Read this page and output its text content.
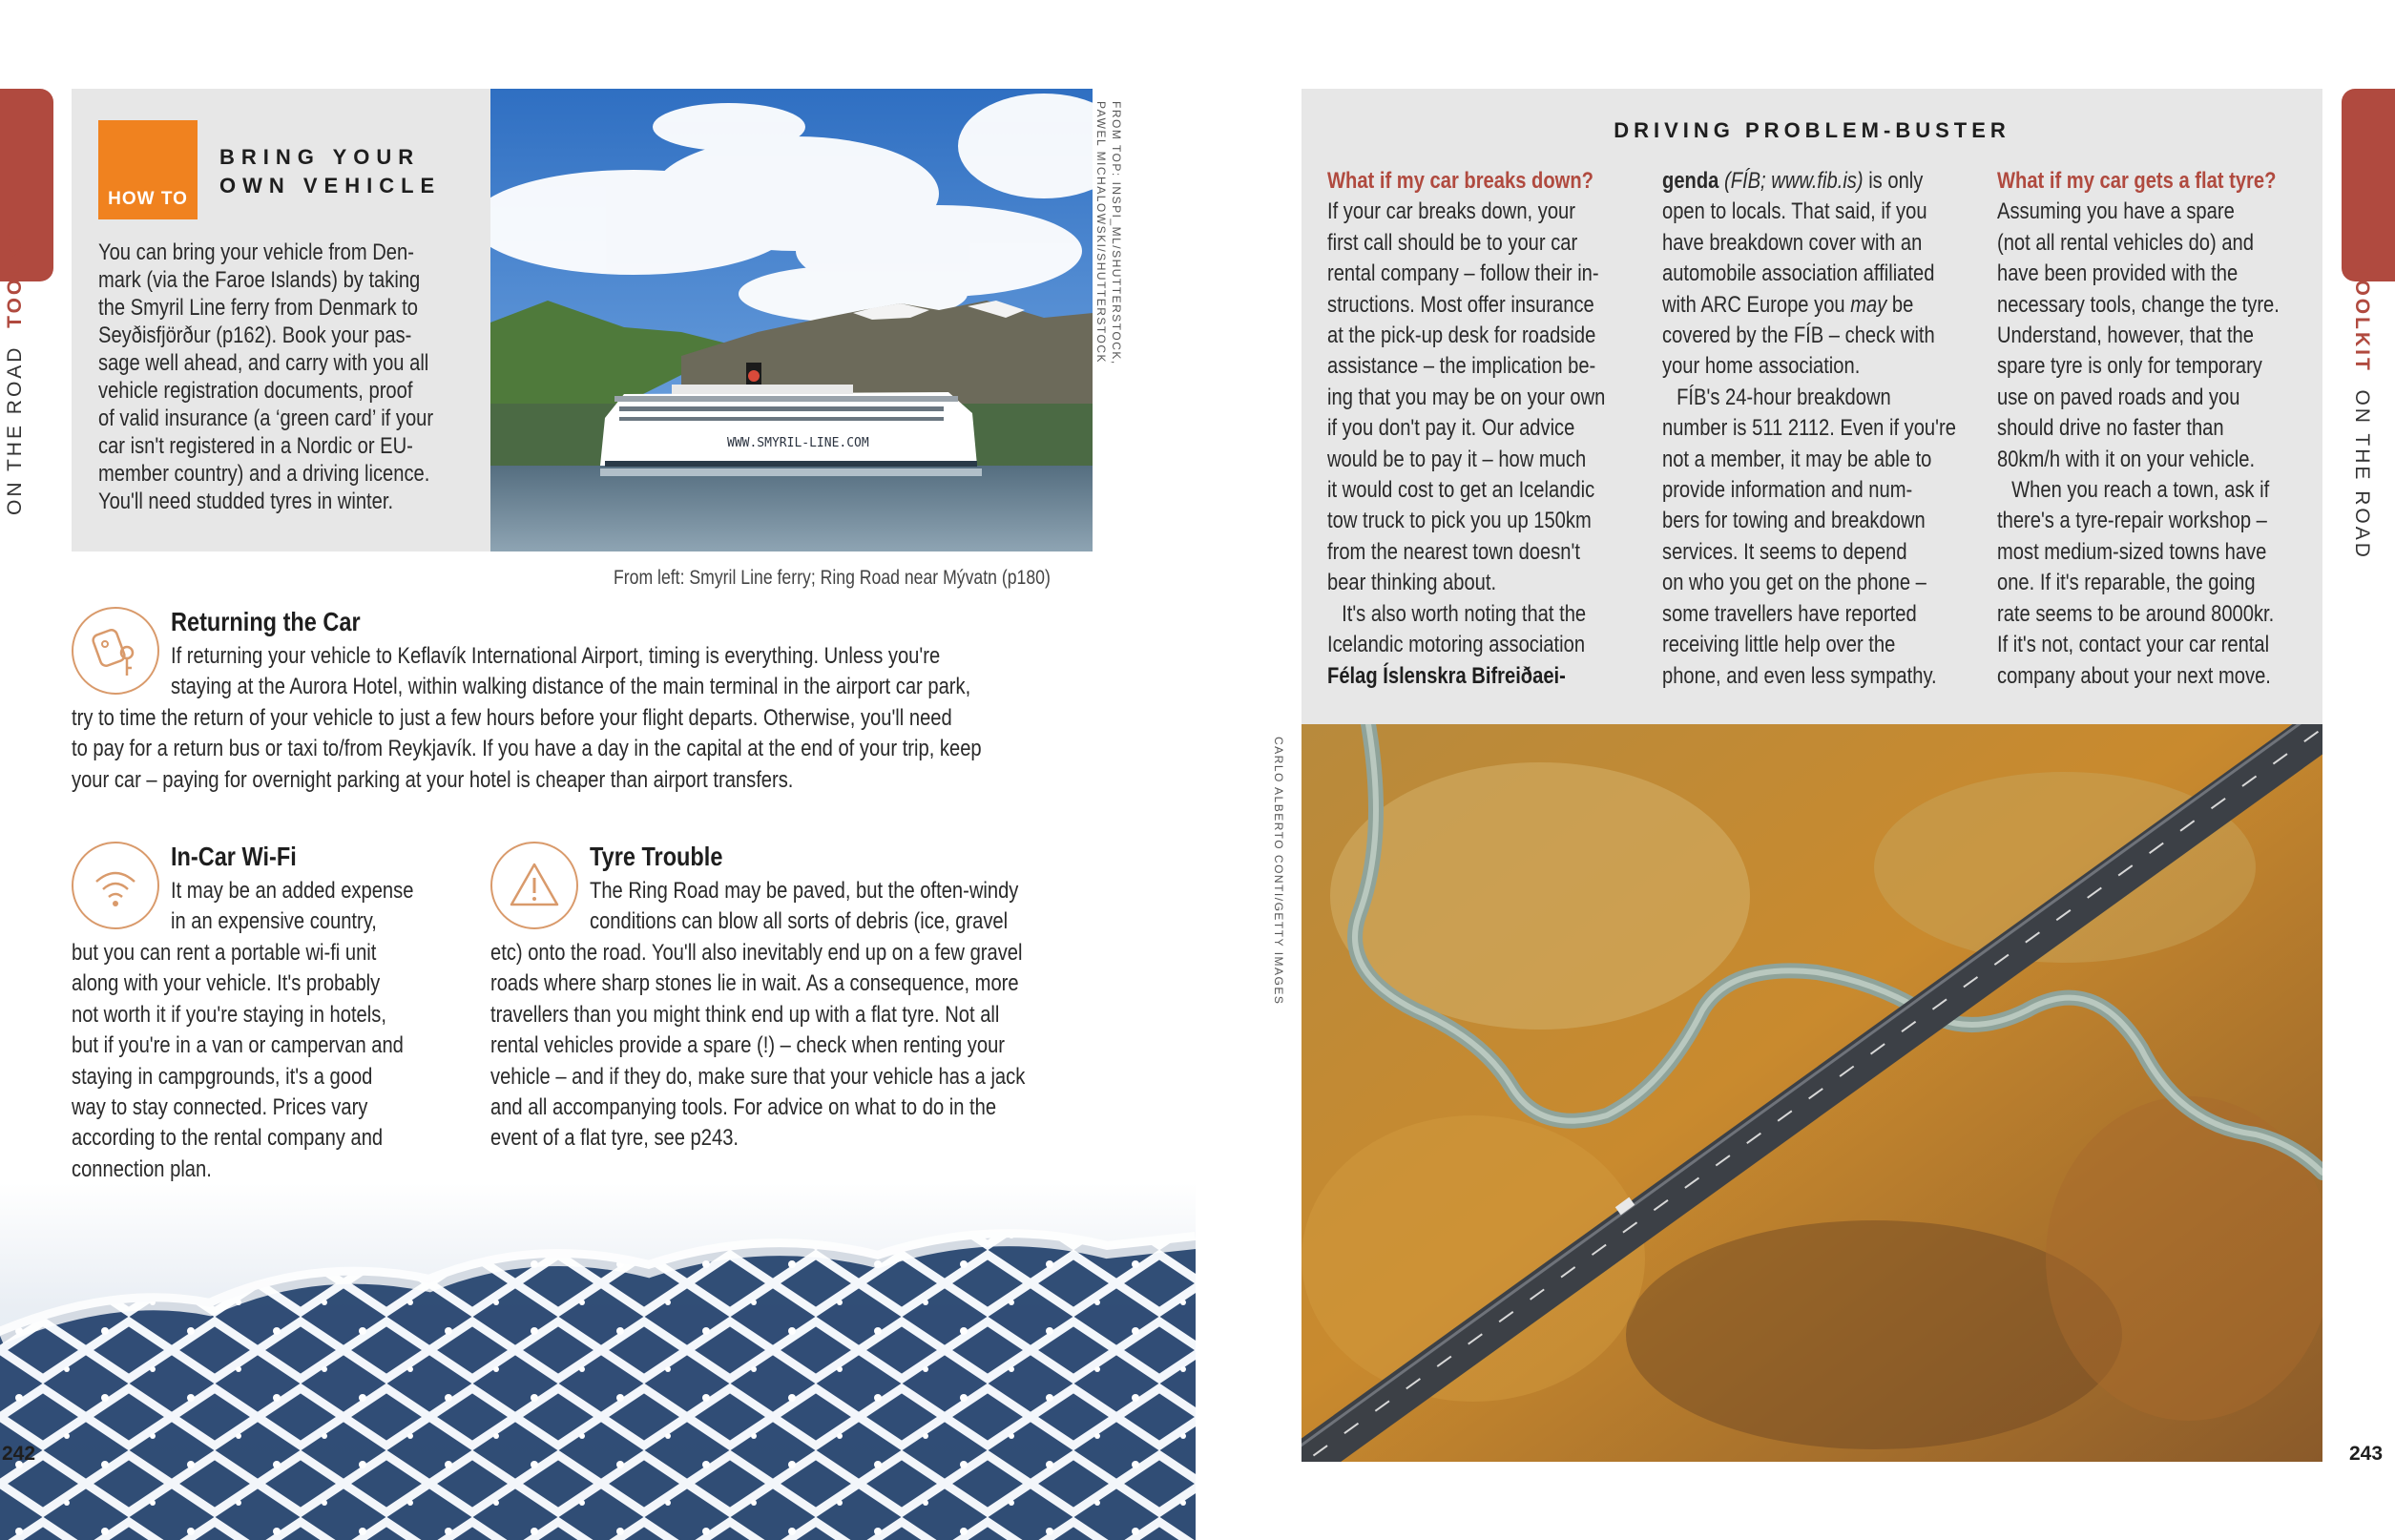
ON THE ROAD  TOOLKIT
HOW TO
BRING YOUR
OWN VEHICLE
You can bring your vehicle from Den-
mark (via the Faroe Islands) by taking
the Smyril Line ferry from Denmark to
Seyðisfjörður (p162). Book your pas-
sage well ahead, and carry with you all
vehicle registration documents, proof
of valid insurance (a ‘green card’ if your
car isn't registered in a Nordic or EU-
member country) and a driving licence.
You'll need studded tyres in winter.
WWW.SMYRIL-LINE.COM
FROM TOP: INSPI_ML/SHUTTERSTOCK,
PAWEL MICHALOWSKI/SHUTTERSTOCK
From left: Smyril Line ferry; Ring Road near Mývatn (p180)
Returning the Car

If returning your vehicle to Keflavík International Airport, timing is everything. Unless you're

staying at the Aurora Hotel, within walking distance of the main terminal in the airport car park,

try to time the return of your vehicle to just a few hours before your flight departs. Otherwise, you'll need

to pay for a return bus or taxi to/from Reykjavík. If you have a day in the capital at the end of your trip, keep

your car – paying for overnight parking at your hotel is cheaper than airport transfers.

In-Car Wi-Fi

It may be an added expense

in an expensive country,

but you can rent a portable wi-fi unit

along with your vehicle. It's probably

not worth it if you're staying in hotels,

but if you're in a van or campervan and

staying in campgrounds, it's a good

way to stay connected. Prices vary

according to the rental company and

connection plan.

Tyre Trouble

The Ring Road may be paved, but the often-windy

conditions can blow all sorts of debris (ice, gravel

etc) onto the road. You'll also inevitably end up on a few gravel

roads where sharp stones lie in wait. As a consequence, more

travellers than you might think end up with a flat tyre. Not all

rental vehicles provide a spare (!) – check when renting your

vehicle – and if they do, make sure that your vehicle has a jack

and all accompanying tools. For advice on what to do in the

event of a flat tyre, see p243.

242
DRIVING PROBLEM-BUSTER
What if my car breaks down?
If your car breaks down, your
first call should be to your car
rental company – follow their in-
structions. Most offer insurance
at the pick-up desk for roadside
assistance – the implication be-
ing that you may be on your own
if you don't pay it. Our advice
would be to pay it – how much
it would cost to get an Icelandic
tow truck to pick you up 150km
from the nearest town doesn't
bear thinking about.
It's also worth noting that the
Icelandic motoring association
Félag Íslenskra Bifreiðaei-
genda (FÍB; www.fib.is) is only
open to locals. That said, if you
have breakdown cover with an
automobile association affiliated
with ARC Europe you may be
covered by the FÍB – check with
your home association.
FÍB's 24-hour breakdown
number is 511 2112. Even if you're
not a member, it may be able to
provide information and num-
bers for towing and breakdown
services. It seems to depend
on who you get on the phone –
some travellers have reported
receiving little help over the
phone, and even less sympathy.
What if my car gets a flat tyre?
Assuming you have a spare
(not all rental vehicles do) and
have been provided with the
necessary tools, change the tyre.
Understand, however, that the
spare tyre is only for temporary
use on paved roads and you
should drive no faster than
80km/h with it on your vehicle.
When you reach a town, ask if
there's a tyre-repair workshop –
most medium-sized towns have
one. If it's reparable, the going
rate seems to be around 8000kr.
If it's not, contact your car rental
company about your next move.
CARLO ALBERTO CONTI/GETTY IMAGES
TOOLKIT  ON THE ROAD
243
